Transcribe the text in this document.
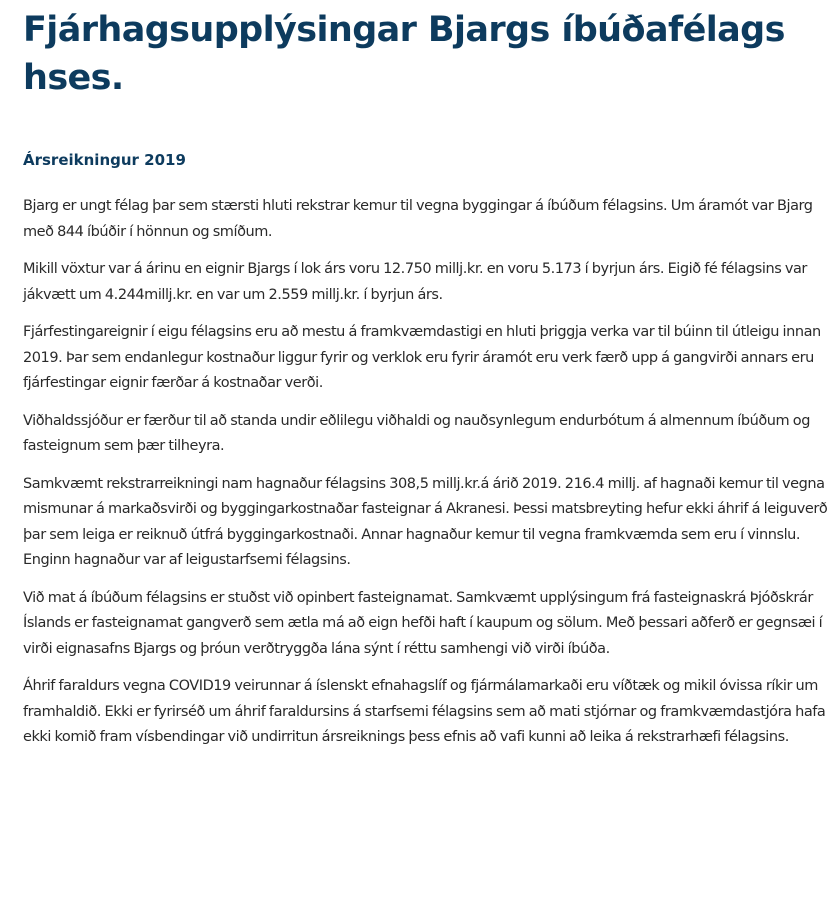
Fjárhagsupplýsingar Bjargs íbúðafélags hses.
Ársreikningur 2019

Bjarg er ungt félag þar sem stærsti hluti rekstrar kemur til vegna byggingar á íbúðum félagsins. Um áramót var Bjarg með 844 íbúðir í hönnun og smíðum.

Mikill vöxtur var á árinu en eignir Bjargs í lok árs voru 12.750 millj.kr. en voru 5.173 í byrjun árs. Eigið fé félagsins var jákvætt um 4.244millj.kr. en var um 2.559 millj.kr. í byrjun árs.

Fjárfestingareignir í eigu félagsins eru að mestu á framkvæmdastigi en hluti þriggja verka var til búinn til útleigu innan 2019. Þar sem endanlegur kostnaður liggur fyrir og verklok eru fyrir áramót eru verk færð upp á gangvirði annars eru fjárfestingar eignir færðar á kostnaðar verði.

Viðhaldssjóður er færður til að standa undir eðlilegu viðhaldi og nauðsynlegum endurbótum á almennum íbúðum og fasteignum sem þær tilheyra.

Samkvæmt rekstrarreikningi nam hagnaður félagsins 308,5 millj.kr.á árið 2019. 216.4 millj. af hagnaði kemur til vegna mismunar á markaðsvirði og byggingarkostnaðar fasteignar á Akranesi. Þessi matsbreyting hefur ekki áhrif á leiguverð þar sem leiga er reiknuð útfrá byggingarkostnaði. Annar hagnaður kemur til vegna framkvæmda sem eru í vinnslu. Enginn hagnaður var af leigustarfsemi félagsins.

Við mat á íbúðum félagsins er stuðst við opinbert fasteignamat. Samkvæmt upplýsingum frá fasteignaskrá Þjóðskrár Íslands er fasteignamat gangverð sem ætla má að eign hefði haft í kaupum og sölum. Með þessari aðferð er gegnsæi í virði eignasafns Bjargs og þróun verðtryggða lána sýnt í réttu samhengi við virði íbúða.

Áhrif faraldurs vegna COVID19 veirunnar á íslenskt efnahagslíf og fjármálamarkaði eru víðtæk og mikil óvissa ríkir um framhaldið. Ekki er fyrirséð um áhrif faraldursins á starfsemi félagsins sem að mati stjórnar og framkvæmdastjóra hafa ekki komið fram vísbendingar við undirritun ársreiknings þess efnis að vafi kunni að leika á rekstrarhæfi félagsins.
